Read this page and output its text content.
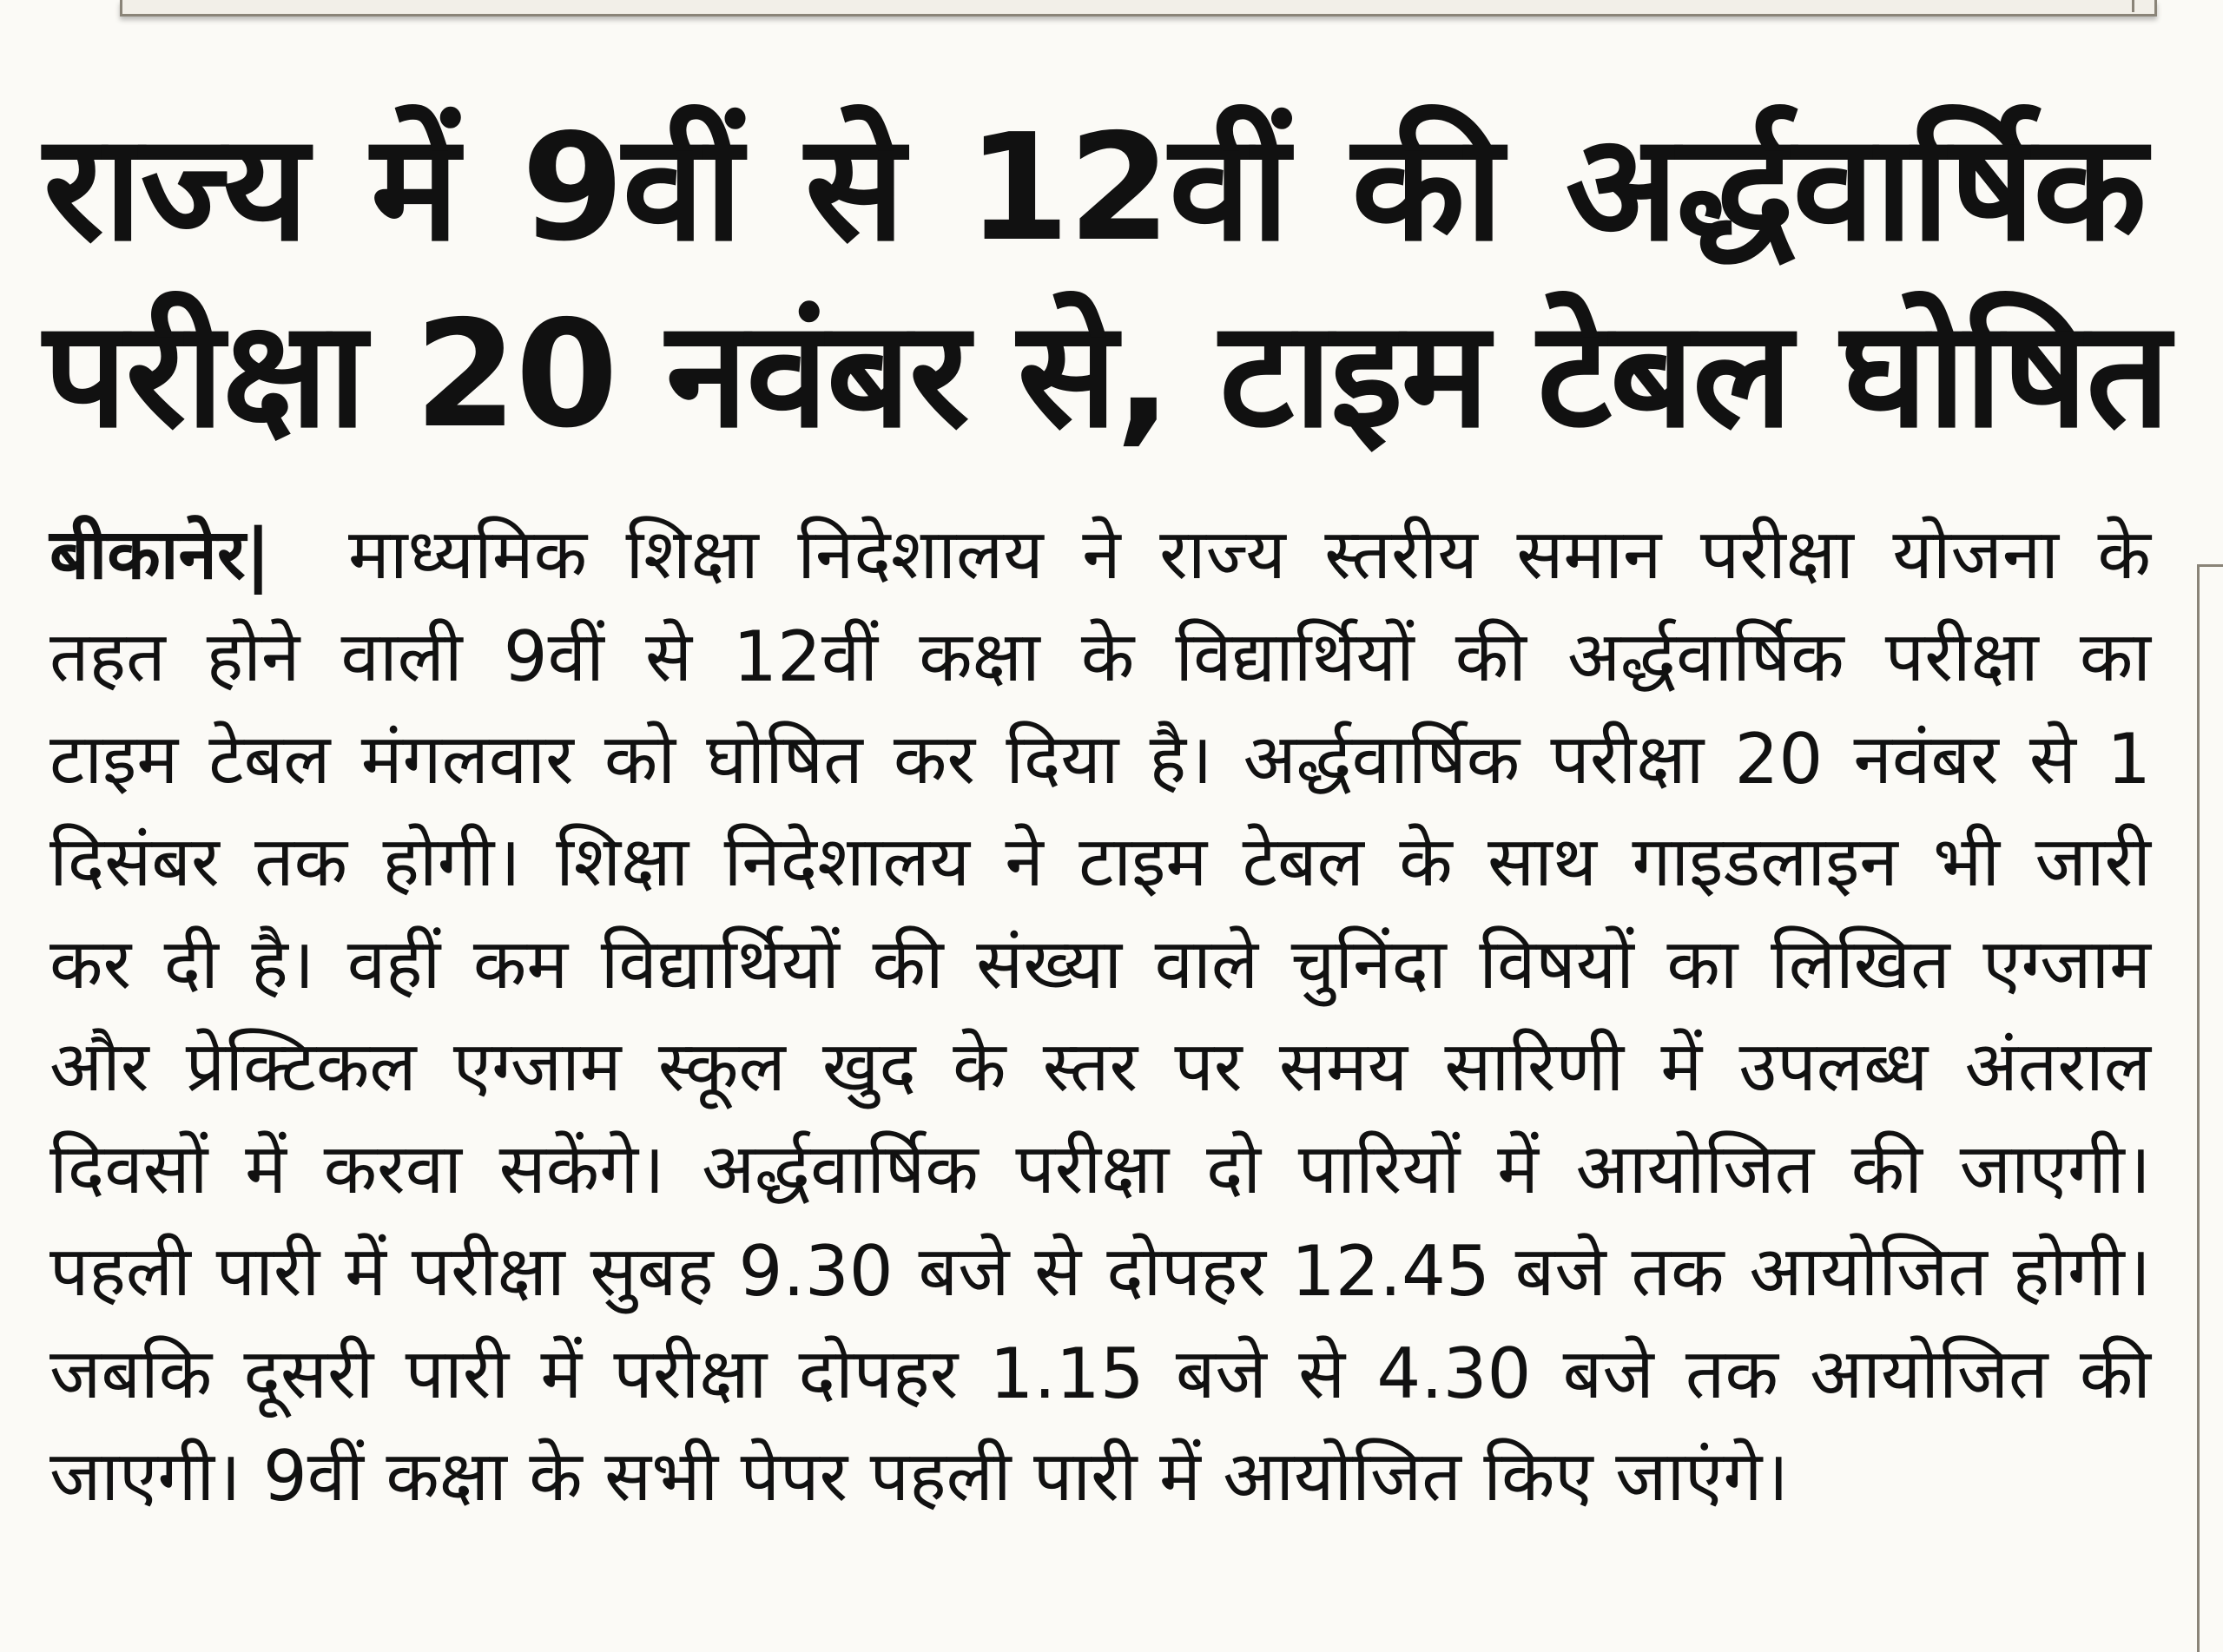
राज्य में 9वीं से 12वीं की अर्द्धवार्षिक
परीक्षा 20 नवंबर से, टाइम टेबल घोषित
बीकानेर| माध्यमिक शिक्षा निदेशालय ने राज्य स्तरीय समान परीक्षा योजना के
तहत होने वाली 9वीं से 12वीं कक्षा के विद्यार्थियों की अर्द्धवार्षिक परीक्षा का
टाइम टेबल मंगलवार को घोषित कर दिया है। अर्द्धवार्षिक परीक्षा 20 नवंबर से 1
दिसंबर तक होगी। शिक्षा निदेशालय ने टाइम टेबल के साथ गाइडलाइन भी जारी
कर दी है। वहीं कम विद्यार्थियों की संख्या वाले चुनिंदा विषयों का लिखित एग्जाम
और प्रेक्टिकल एग्जाम स्कूल खुद के स्तर पर समय सारिणी में उपलब्ध अंतराल
दिवसों में करवा सकेंगे। अर्द्धवार्षिक परीक्षा दो पारियों में आयोजित की जाएगी।
पहली पारी में परीक्षा सुबह 9.30 बजे से दोपहर 12.45 बजे तक आयोजित होगी।
जबकि दूसरी पारी में परीक्षा दोपहर 1.15 बजे से 4.30 बजे तक आयोजित की
जाएगी। 9वीं कक्षा के सभी पेपर पहली पारी में आयोजित किए जाएंगे।
